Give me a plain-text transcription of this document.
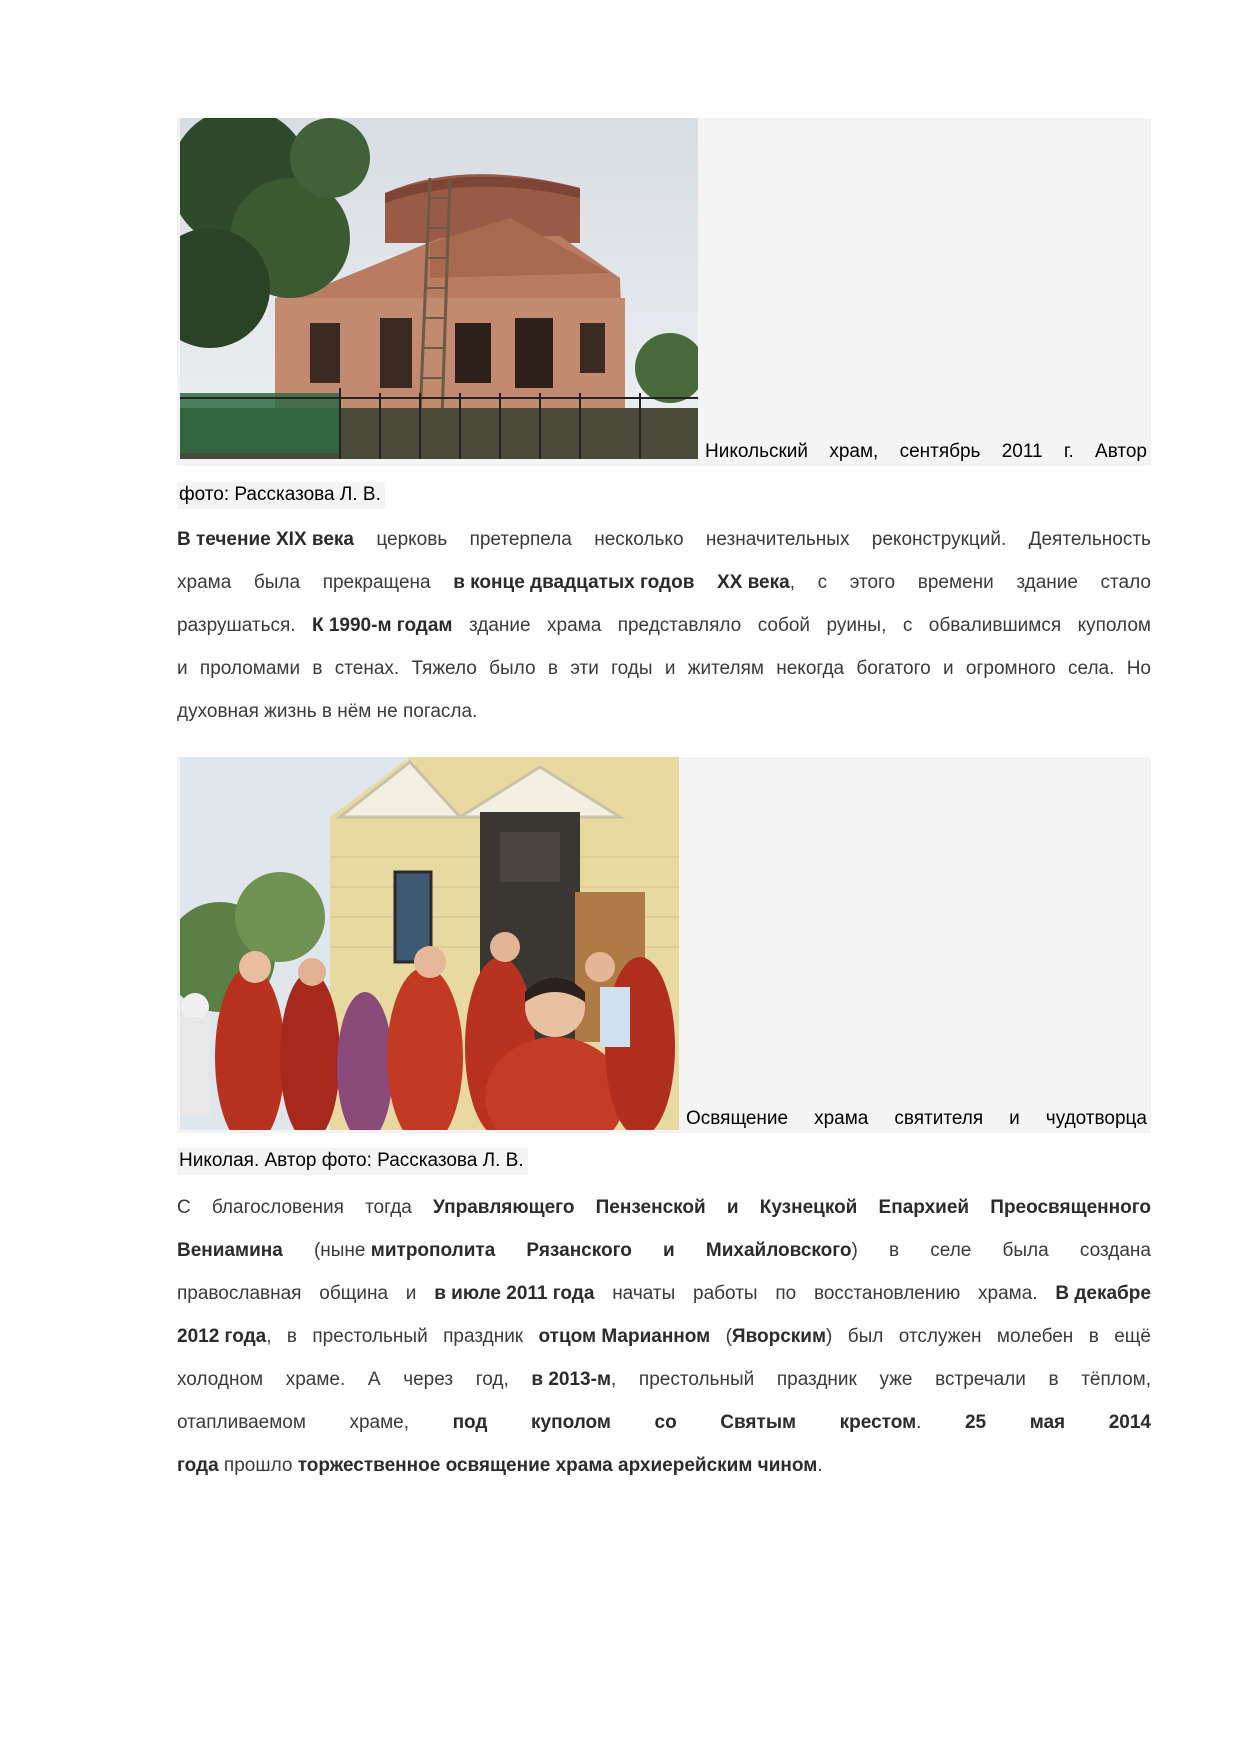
Никольский храм, сентябрь 2011 г. Автор
фото: Рассказова Л. В.
В течение XIX века церковь претерпела несколько незначительных реконструкций. Деятельность
храма была прекращена в конце двадцатых годов XX века, с этого времени здание стало
разрушаться. К 1990-м годам здание храма представляло собой руины, с обвалившимся куполом
и проломами в стенах. Тяжело было в эти годы и жителям некогда богатого и огромного села. Но
духовная жизнь в нём не погасла.
Освящение храма святителя и чудотворца
Николая. Автор фото: Рассказова Л. В.
С благословения тогда Управляющего Пензенской и Кузнецкой Епархией Преосвященного
Вениамина (ныне митрополита Рязанского и Михайловского) в селе была создана
православная община и в июле 2011 года начаты работы по восстановлению храма. В декабре
2012 года, в престольный праздник отцом Марианном (Яворским) был отслужен молебен в ещё
холодном храме. А через год, в 2013-м, престольный праздник уже встречали в тёплом,
отапливаемом храме, под куполом со Святым крестом. 25 мая 2014
года прошло торжественное освящение храма архиерейским чином.
